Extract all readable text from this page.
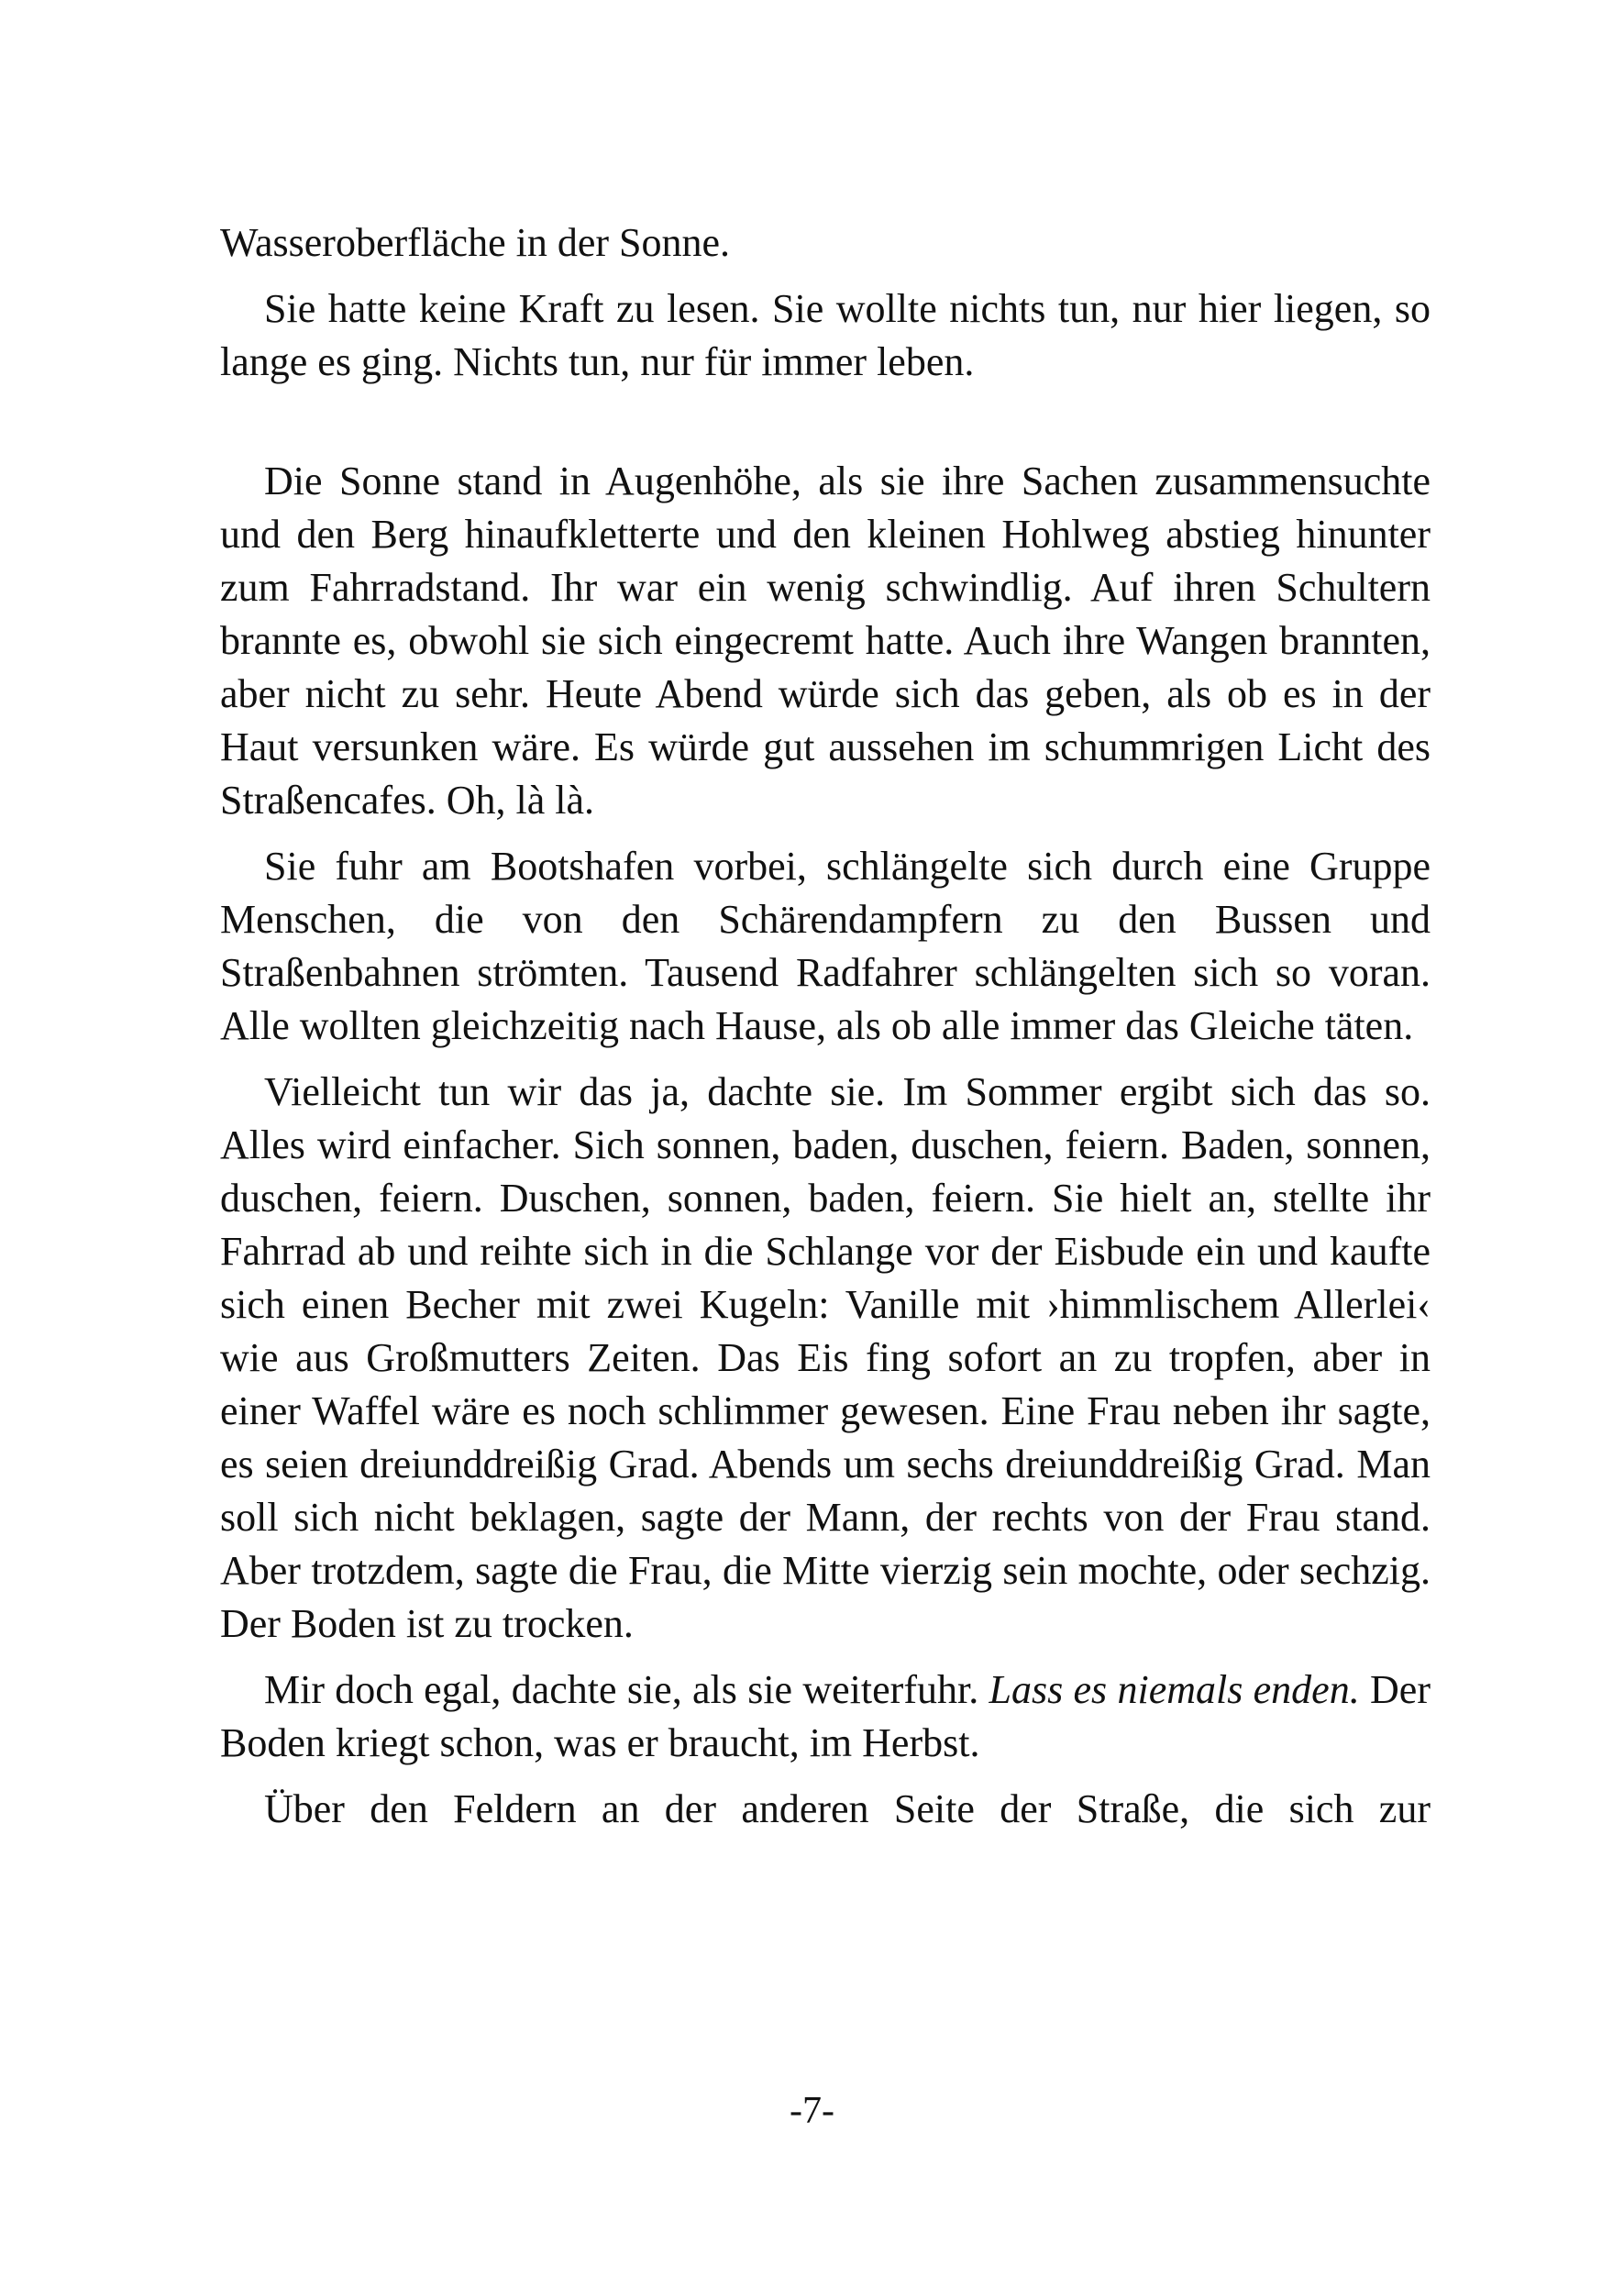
Wasseroberfläche in der Sonne.

Sie hatte keine Kraft zu lesen. Sie wollte nichts tun, nur hier liegen, so lange es ging. Nichts tun, nur für immer leben.

Die Sonne stand in Augenhöhe, als sie ihre Sachen zusammensuchte und den Berg hinaufkletterte und den kleinen Hohlweg abstieg hinunter zum Fahrradstand. Ihr war ein wenig schwindlig. Auf ihren Schultern brannte es, obwohl sie sich eingecremt hatte. Auch ihre Wangen brannten, aber nicht zu sehr. Heute Abend würde sich das geben, als ob es in der Haut versunken wäre. Es würde gut aussehen im schummrigen Licht des Straßencafes. Oh, là là.

Sie fuhr am Bootshafen vorbei, schlängelte sich durch eine Gruppe Menschen, die von den Schärendampfern zu den Bussen und Straßenbahnen strömten. Tausend Radfahrer schlängelten sich so voran. Alle wollten gleichzeitig nach Hause, als ob alle immer das Gleiche täten.

Vielleicht tun wir das ja, dachte sie. Im Sommer ergibt sich das so. Alles wird einfacher. Sich sonnen, baden, duschen, feiern. Baden, sonnen, duschen, feiern. Duschen, sonnen, baden, feiern. Sie hielt an, stellte ihr Fahrrad ab und reihte sich in die Schlange vor der Eisbude ein und kaufte sich einen Becher mit zwei Kugeln: Vanille mit ›himmlischem Allerlei‹ wie aus Großmutters Zeiten. Das Eis fing sofort an zu tropfen, aber in einer Waffel wäre es noch schlimmer gewesen. Eine Frau neben ihr sagte, es seien dreiunddreißig Grad. Abends um sechs dreiunddreißig Grad. Man soll sich nicht beklagen, sagte der Mann, der rechts von der Frau stand. Aber trotzdem, sagte die Frau, die Mitte vierzig sein mochte, oder sechzig. Der Boden ist zu trocken.

Mir doch egal, dachte sie, als sie weiterfuhr. Lass es niemals enden. Der Boden kriegt schon, was er braucht, im Herbst.

Über den Feldern an der anderen Seite der Straße, die sich zur

-7-
